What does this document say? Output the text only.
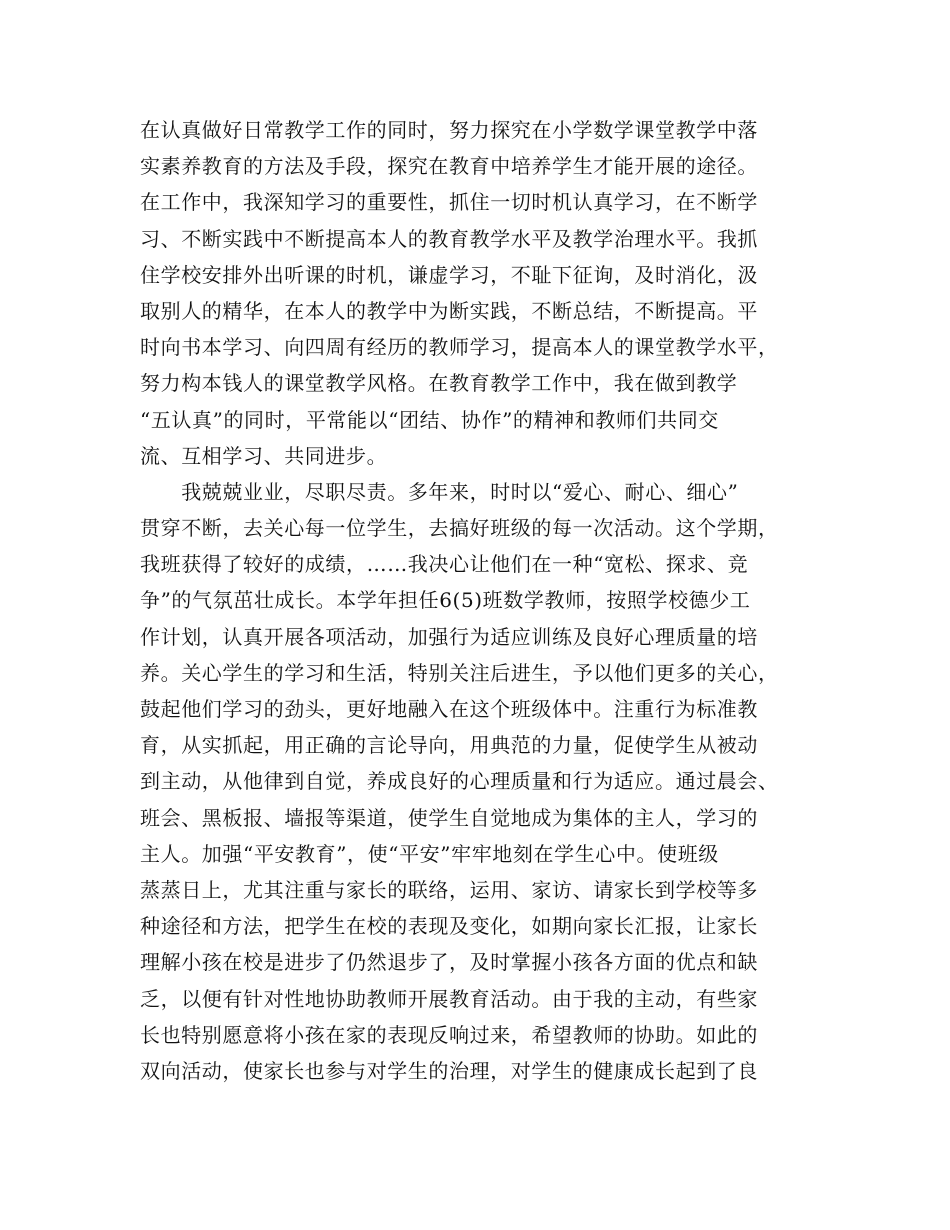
在认真做好日常教学工作的同时，努力探究在小学数学课堂教学中落
实素养教育的方法及手段，探究在教育中培养学生才能开展的途径。
在工作中，我深知学习的重要性，抓住一切时机认真学习，在不断学
习、不断实践中不断提高本人的教育教学水平及教学治理水平。我抓
住学校安排外出听课的时机，谦虚学习，不耻下征询，及时消化，汲
取别人的精华，在本人的教学中为断实践，不断总结，不断提高。平
时向书本学习、向四周有经历的教师学习，提高本人的课堂教学水平，
努力构本钱人的课堂教学风格。在教育教学工作中，我在做到教学
“五认真”的同时，平常能以“团结、协作”的精神和教师们共同交
流、互相学习、共同进步。
　　我兢兢业业，尽职尽责。多年来，时时以“爱心、耐心、细心”
贯穿不断，去关心每一位学生，去搞好班级的每一次活动。这个学期，
我班获得了较好的成绩，……我决心让他们在一种“宽松、探求、竞
争”的气氛茁壮成长。本学年担任6(5)班数学教师，按照学校德少工
作计划，认真开展各项活动，加强行为适应训练及良好心理质量的培
养。关心学生的学习和生活，特别关注后进生，予以他们更多的关心，
鼓起他们学习的劲头，更好地融入在这个班级体中。注重行为标准教
育，从实抓起，用正确的言论导向，用典范的力量，促使学生从被动
到主动，从他律到自觉，养成良好的心理质量和行为适应。通过晨会、
班会、黑板报、墙报等渠道，使学生自觉地成为集体的主人，学习的
主人。加强“平安教育”，使“平安”牢牢地刻在学生心中。使班级
蒸蒸日上，尤其注重与家长的联络，运用、家访、请家长到学校等多
种途径和方法，把学生在校的表现及变化，如期向家长汇报，让家长
理解小孩在校是进步了仍然退步了，及时掌握小孩各方面的优点和缺
乏，以便有针对性地协助教师开展教育活动。由于我的主动，有些家
长也特别愿意将小孩在家的表现反响过来，希望教师的协助。如此的
双向活动，使家长也参与对学生的治理，对学生的健康成长起到了良
